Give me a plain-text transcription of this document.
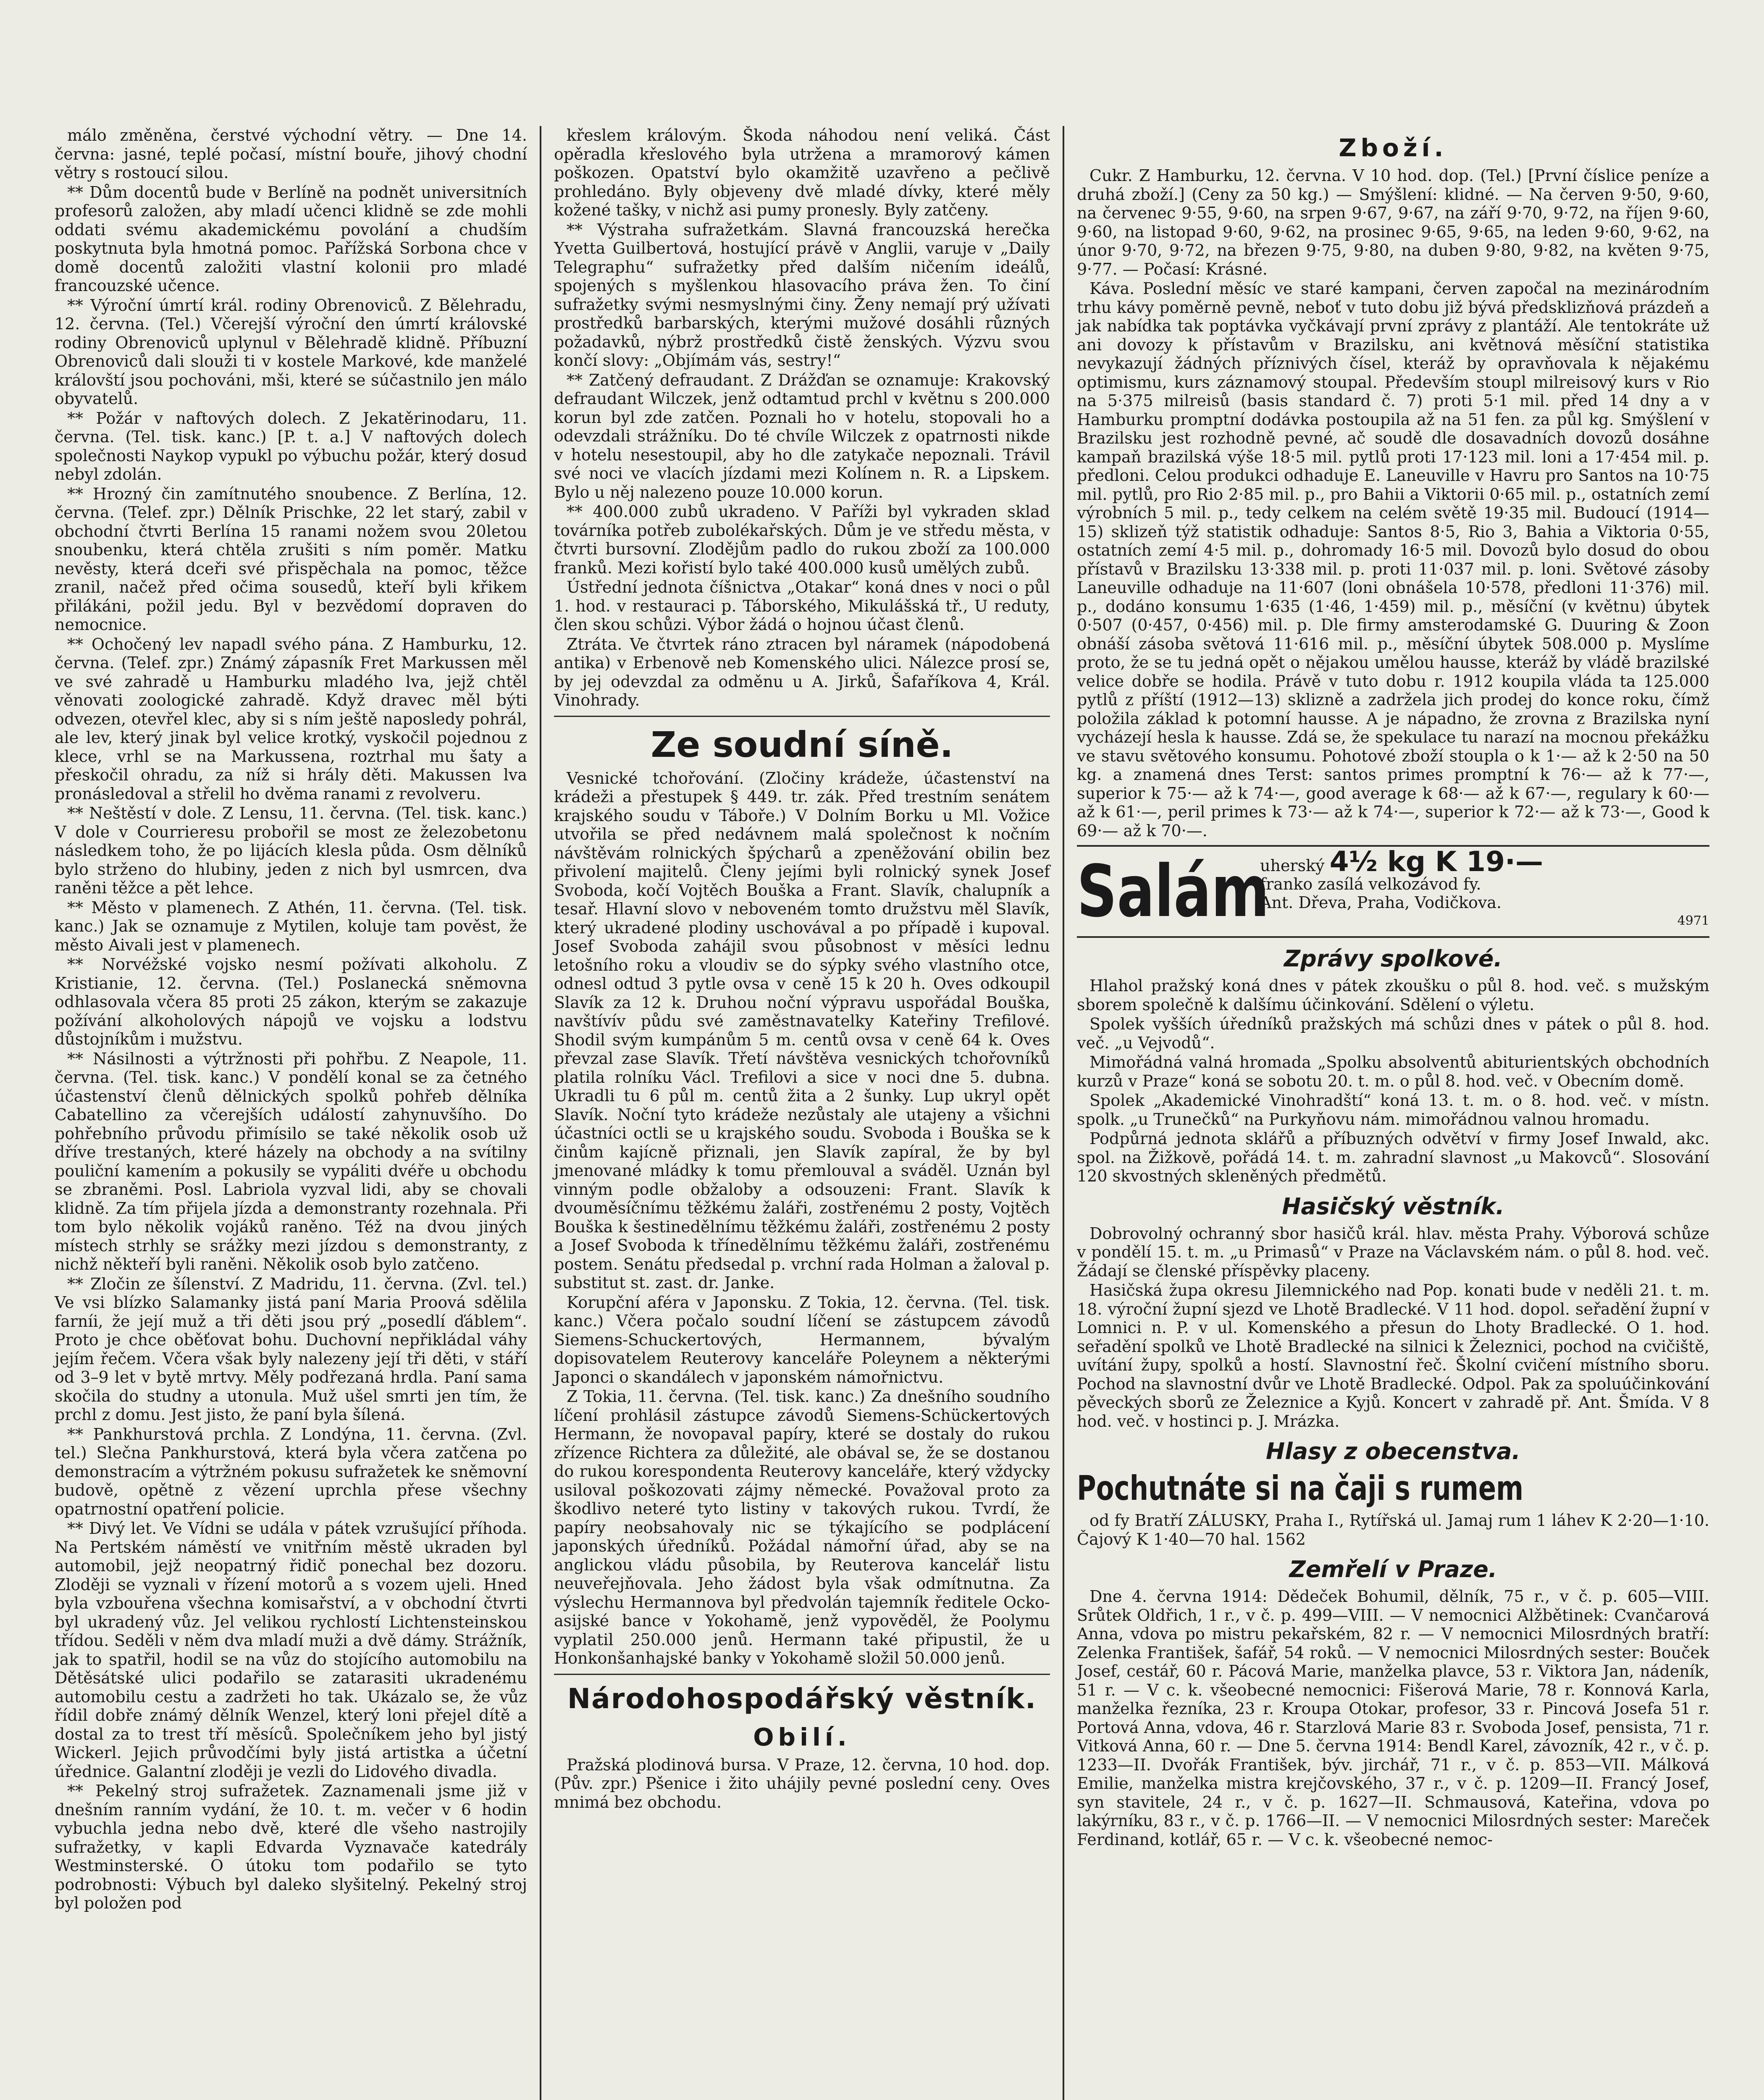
málo změněna, čerstvé východní větry. — Dne 14. června: jasné, teplé počasí, místní bouře, jihový chodní větry s rostoucí silou.

** Dům docentů bude v Berlíně na podnět universitních profesorů založen, aby mladí učenci klidně se zde mohli oddati svému akademickému povolání a chudším poskytnuta byla hmotná pomoc. Pařížská Sorbona chce v domě docentů založiti vlastní kolonii pro mladé francouzské učence.

** Výroční úmrtí král. rodiny Obrenoviců. Z Bělehradu, 12. června. (Tel.) Včerejší výroční den úmrtí královské rodiny Obrenoviců uplynul v Bělehradě klidně. Příbuzní Obrenoviců dali slouži ti v kostele Markové, kde manželé královští jsou pochováni, mši, které se súčastnilo jen málo obyvatelů.

** Požár v naftových dolech. Z Jekatěrinodaru, 11. června. (Tel. tisk. kanc.) [P. t. a.] V naftových dolech společnosti Naykop vypukl po výbuchu požár, který dosud nebyl zdolán.

** Hrozný čin zamítnutého snoubence. Z Berlína, 12. června. (Telef. zpr.) Dělník Prischke, 22 let starý, zabil v obchodní čtvrti Berlína 15 ranami nožem svou 20letou snoubenku, která chtěla zrušiti s ním poměr. Matku nevěsty, která dceři své přispěchala na pomoc, těžce zranil, načež před očima sousedů, kteří byli křikem přilákáni, požil jedu. Byl v bezvědomí dopraven do nemocnice.

** Ochočený lev napadl svého pána. Z Hamburku, 12. června. (Telef. zpr.) Známý zápasník Fret Markussen měl ve své zahradě u Hamburku mladého lva, jejž chtěl věnovati zoologické zahradě. Když dravec měl býti odvezen, otevřel klec, aby si s ním ještě naposledy pohrál, ale lev, který jinak byl velice krotký, vyskočil pojednou z klece, vrhl se na Markussena, roztrhal mu šaty a přeskočil ohradu, za níž si hrály děti. Makussen lva pronásledoval a střelil ho dvěma ranami z revolveru.

** Neštěstí v dole. Z Lensu, 11. června. (Tel. tisk. kanc.) V dole v Courrieresu probořil se most ze železobetonu následkem toho, že po lijácích klesla půda. Osm dělníků bylo strženo do hlubiny, jeden z nich byl usmrcen, dva raněni těžce a pět lehce.

** Město v plamenech. Z Athén, 11. června. (Tel. tisk. kanc.) Jak se oznamuje z Mytilen, koluje tam pověst, že město Aivali jest v plamenech.

** Norvéžské vojsko nesmí požívati alkoholu. Z Kristianie, 12. června. (Tel.) Poslanecká sněmovna odhlasovala včera 85 proti 25 zákon, kterým se zakazuje požívání alkoholových nápojů ve vojsku a lodstvu důstojníkům i mužstvu.

** Násilnosti a výtržnosti při pohřbu. Z Neapole, 11. června. (Tel. tisk. kanc.) V pondělí konal se za četného účastenství členů dělnických spolků pohřeb dělníka Cabatellino za včerejších událostí zahynuvšího. Do pohřebního průvodu přimísilo se také několik osob už dříve trestaných, které házely na obchody a na svítilny pouliční kamením a pokusily se vypáliti dvéře u obchodu se zbraněmi. Posl. Labriola vyzval lidi, aby se chovali klidně. Za tím přijela jízda a demonstranty rozehnala. Při tom bylo několik vojáků raněno. Též na dvou jiných místech strhly se srážky mezi jízdou s demonstranty, z nichž někteří byli raněni. Několik osob bylo zatčeno.

** Zločin ze šílenství. Z Madridu, 11. června. (Zvl. tel.) Ve vsi blízko Salamanky jistá paní Maria Proová sdělila farníi, že její muž a tři děti jsou prý „posedlí ďáblem“. Proto je chce oběťovat bohu. Duchovní nepřikládal váhy jejím řečem. Včera však byly nalezeny její tři děti, v stáří od 3–9 let v bytě mrtvy. Měly podřezaná hrdla. Paní sama skočila do studny a utonula. Muž ušel smrti jen tím, že prchl z domu. Jest jisto, že paní byla šílená.

** Pankhurstová prchla. Z Londýna, 11. června. (Zvl. tel.) Slečna Pankhurstová, která byla včera zatčena po demonstracím a výtržném pokusu sufražetek ke sněmovní budově, opětně z vězení uprchla přese všechny opatrnostní opatření policie.

** Divý let. Ve Vídni se udála v pátek vzrušující příhoda. Na Pertském náměstí ve vnitřním městě ukraden byl automobil, jejž neopatrný řidič ponechal bez dozoru. Zloději se vyznali v řízení motorů a s vozem ujeli. Hned byla vzbouřena všechna komisařství, a v obchodní čtvrti byl ukradený vůz. Jel velikou rychlostí Lichtensteinskou třídou. Seděli v něm dva mladí muži a dvě dámy. Strážník, jak to spatřil, hodil se na vůz do stojícího automobilu na Dětěsátské ulici podařilo se zatarasiti ukradenému automobilu cestu a zadržeti ho tak. Ukázalo se, že vůz řídil dobře známý dělník Wenzel, který loni přejel dítě a dostal za to trest tří měsíců. Společníkem jeho byl jistý Wickerl. Jejich průvodčími byly jistá artistka a účetní úřednice. Galantní zloději je vezli do Lidového divadla.

** Pekelný stroj sufražetek. Zaznamenali jsme již v dnešním ranním vydání, že 10. t. m. večer v 6 hodin vybuchla jedna nebo dvě, které dle všeho nastrojily sufražetky, v kapli Edvarda Vyznavače katedrály Westminsterské. O útoku tom podařilo se tyto podrobnosti: Výbuch byl daleko slyšitelný. Pekelný stroj byl položen pod

křeslem královým. Škoda náhodou není veliká. Část opěradla křeslového byla utržena a mramorový kámen poškozen. Opatství bylo okamžitě uzavřeno a pečlivě prohledáno. Byly objeveny dvě mladé dívky, které měly kožené tašky, v nichž asi pumy pronesly. Byly zatčeny.

** Výstraha sufražetkám. Slavná francouzská herečka Yvetta Guilbertová, hostující právě v Anglii, varuje v „Daily Telegraphu“ sufražetky před dalším ničením ideálů, spojených s myšlenkou hlasovacího práva žen. To činí sufražetky svými nesmyslnými činy. Ženy nemají prý užívati prostředků barbarských, kterými mužové dosáhli různých požadavků, nýbrž prostředků čistě ženských. Výzvu svou končí slovy: „Objímám vás, sestry!“

** Zatčený defraudant. Z Drážďan se oznamuje: Krakovský defraudant Wilczek, jenž odtamtud prchl v květnu s 200.000 korun byl zde zatčen. Poznali ho v hotelu, stopovali ho a odevzdali strážníku. Do té chvíle Wilczek z opatrnosti nikde v hotelu nesestoupil, aby ho dle zatykače nepoznali. Trávil své noci ve vlacích jízdami mezi Kolínem n. R. a Lipskem. Bylo u něj nalezeno pouze 10.000 korun.

** 400.000 zubů ukradeno. V Paříži byl vykraden sklad továrníka potřeb zubolékařských. Dům je ve středu města, v čtvrti bursovní. Zlodějům padlo do rukou zboží za 100.000 franků. Mezi kořistí bylo také 400.000 kusů umělých zubů.

Ústřední jednota číšnictva „Otakar“ koná dnes v noci o půl 1. hod. v restauraci p. Táborského, Mikulášská tř., U reduty, člen skou schůzi. Výbor žádá o hojnou účast členů.

Ztráta. Ve čtvrtek ráno ztracen byl náramek (nápodobená antika) v Erbenově neb Komenského ulici. Nálezce prosí se, by jej odevzdal za odměnu u A. Jirků, Šafaříkova 4, Král. Vinohrady.

Ze soudní síně.

Vesnické tchořování. (Zločiny krádeže, účastenství na krádeži a přestupek § 449. tr. zák. Před trestním senátem krajského soudu v Táboře.) V Dolním Borku u Ml. Vožice utvořila se před nedávnem malá společnost k nočním návštěvám rolnických špýcharů a zpeněžování obilin bez přivolení majitelů. Členy jejími byli rolnický synek Josef Svoboda, kočí Vojtěch Bouška a Frant. Slavík, chalupník a tesař. Hlavní slovo v neboveném tomto družstvu měl Slavík, který ukradené plodiny uschovával a po případě i kupoval. Josef Svoboda zahájil svou působnost v měsíci lednu letošního roku a vloudiv se do sýpky svého vlastního otce, odnesl odtud 3 pytle ovsa v ceně 15 k 20 h. Oves odkoupil Slavík za 12 k. Druhou noční výpravu uspořádal Bouška, navštívív půdu své zaměstnavatelky Kateřiny Trefilové. Shodil svým kumpánům 5 m. centů ovsa v ceně 64 k. Oves převzal zase Slavík. Třetí návštěva vesnických tchořovníků platila rolníku Václ. Trefilovi a sice v noci dne 5. dubna. Ukradli tu 6 půl m. centů žita a 2 šunky. Lup ukryl opět Slavík. Noční tyto krádeže nezůstaly ale utajeny a všichni účastníci octli se u krajského soudu. Svoboda i Bouška se k činům kajícně přiznali, jen Slavík zapíral, že by byl jmenované mládky k tomu přemlouval a sváděl. Uznán byl vinným podle obžaloby a odsouzeni: Frant. Slavík k dvouměsíčnímu těžkému žaláři, zostřenému 2 posty, Vojtěch Bouška k šestinedělnímu těžkému žaláři, zostřenému 2 posty a Josef Svoboda k třínedělnímu těžkému žaláři, zostřenému postem. Senátu předsedal p. vrchní rada Holman a žaloval p. substitut st. zast. dr. Janke.

Korupční aféra v Japonsku. Z Tokia, 12. června. (Tel. tisk. kanc.) Včera počalo soudní líčení se zástupcem závodů Siemens-Schuckertových, Hermannem, bývalým dopisovatelem Reuterovy kanceláře Poleynem a některými Japonci o skandálech v japonském námořnictvu.

Z Tokia, 11. června. (Tel. tisk. kanc.) Za dnešního soudního líčení prohlásil zástupce závodů Siemens-Schückertových Hermann, že novopaval papíry, které se dostaly do rukou zřízence Richtera za důležité, ale obával se, že se dostanou do rukou korespondenta Reuterovy kanceláře, který vždycky usiloval poškozovati zájmy německé. Považoval proto za škodlivo neteré tyto listiny v takových rukou. Tvrdí, že papíry neobsahovaly nic se týkajícího se podplácení japonských úředníků. Požádal námořní úřad, aby se na anglickou vládu působila, by Reuterova kancelář listu neuveřejňovala. Jeho žádost byla však odmítnutna. Za výslechu Hermannova byl předvolán tajemník ředitele Ocko-asijské bance v Yokohamě, jenž vypověděl, že Poolymu vyplatil 250.000 jenů. Hermann také připustil, že u Honkonšanhajské banky v Yokohamě složil 50.000 jenů.

Národohospodářský věstník.
Obilí.

Pražská plodinová bursa. V Praze, 12. června, 10 hod. dop. (Pův. zpr.) Pšenice i žito uhájily pevné poslední ceny. Oves mnimá bez obchodu.

Zboží.

Cukr. Z Hamburku, 12. června. V 10 hod. dop. (Tel.) [První číslice peníze a druhá zboží.] (Ceny za 50 kg.) — Smýšlení: klidné. — Na červen 9·50, 9·60, na červenec 9·55, 9·60, na srpen 9·67, 9·67, na září 9·70, 9·72, na říjen 9·60, 9·60, na listopad 9·60, 9·62, na prosinec 9·65, 9·65, na leden 9·60, 9·62, na únor 9·70, 9·72, na březen 9·75, 9·80, na duben 9·80, 9·82, na květen 9·75, 9·77. — Počasí: Krásné.

Káva. Poslední měsíc ve staré kampani, červen započal na mezinárodním trhu kávy poměrně pevně, neboť v tuto dobu již bývá předsklizňová prázdeň a jak nabídka tak poptávka vyčkávají první zprávy z plantáží. Ale tentokráte už ani dovozy k přístavům v Brazilsku, ani květnová měsíční statistika nevykazují žádných příznivých čísel, kteráž by opravňovala k nějakému optimismu, kurs záznamový stoupal. Především stoupl milreisový kurs v Rio na 5·375 milreisů (basis standard č. 7) proti 5·1 mil. před 14 dny a v Hamburku promptní dodávka postoupila až na 51 fen. za půl kg. Smýšlení v Brazilsku jest rozhodně pevné, ač soudě dle dosavadních dovozů dosáhne kampaň brazilská výše 18·5 mil. pytlů proti 17·123 mil. loni a 17·454 mil. p. předloni. Celou produkci odhaduje E. Laneuville v Havru pro Santos na 10·75 mil. pytlů, pro Rio 2·85 mil. p., pro Bahii a Viktorii 0·65 mil. p., ostatních zemí výrobních 5 mil. p., tedy celkem na celém světě 19·35 mil. Budoucí (1914—15) sklizeň týž statistik odhaduje: Santos 8·5, Rio 3, Bahia a Viktoria 0·55, ostatních zemí 4·5 mil. p., dohromady 16·5 mil. Dovozů bylo dosud do obou přístavů v Brazilsku 13·338 mil. p. proti 11·037 mil. p. loni. Světové zásoby Laneuville odhaduje na 11·607 (loni obnášela 10·578, předloni 11·376) mil. p., dodáno konsumu 1·635 (1·46, 1·459) mil. p., měsíční (v květnu) úbytek 0·507 (0·457, 0·456) mil. p. Dle firmy amsterodamské G. Duuring & Zoon obnáší zásoba světová 11·616 mil. p., měsíční úbytek 508.000 p. Myslíme proto, že se tu jedná opět o nějakou umělou hausse, kteráž by vládě brazilské velice dobře se hodila. Právě v tuto dobu r. 1912 koupila vláda ta 125.000 pytlů z příští (1912—13) sklizně a zadržela jich prodej do konce roku, čímž položila základ k potomní hausse. A je nápadno, že zrovna z Brazilska nyní vycházejí hesla k hausse. Zdá se, že spekulace tu narazí na mocnou překážku ve stavu světového konsumu. Pohotové zboží stoupla o k 1·— až k 2·50 na 50 kg. a znamená dnes Terst: santos primes promptní k 76·— až k 77·—, superior k 75·— až k 74·—, good average k 68·— až k 67·—, regulary k 60·— až k 61·—, peril primes k 73·— až k 74·—, superior k 72·— až k 73·—, Good k 69·— až k 70·—.

Salám
uherský 4½ kg K 19·—
franko zasílá velkozávod fy.
Ant. Dřeva, Praha, Vodičkova.
4971
Zprávy spolkové.

Hlahol pražský koná dnes v pátek zkoušku o půl 8. hod. več. s mužským sborem společně k dalšímu účinkování. Sdělení o výletu.

Spolek vyšších úředníků pražských má schůzi dnes v pátek o půl 8. hod. več. „u Vejvodů“.

Mimořádná valná hromada „Spolku absolventů abiturientských obchodních kurzů v Praze“ koná se sobotu 20. t. m. o půl 8. hod. več. v Obecním domě.

Spolek „Akademické Vinohradští“ koná 13. t. m. o 8. hod. več. v místn. spolk. „u Trunečků“ na Purkyňovu nám. mimořádnou valnou hromadu.

Podpůrná jednota sklářů a příbuzných odvětví v firmy Josef Inwald, akc. spol. na Žižkově, pořádá 14. t. m. zahradní slavnost „u Makovců“. Slosování 120 skvostných skleněných předmětů.

Hasičský věstník.

Dobrovolný ochranný sbor hasičů král. hlav. města Prahy. Výborová schůze v pondělí 15. t. m. „u Primasů“ v Praze na Václavském nám. o půl 8. hod. več. Žádají se členské příspěvky placeny.

Hasičská župa okresu Jilemnického nad Pop. konati bude v neděli 21. t. m. 18. výroční župní sjezd ve Lhotě Bradlecké. V 11 hod. dopol. seřadění župní v Lomnici n. P. v ul. Komenského a přesun do Lhoty Bradlecké. O 1. hod. seřadění spolků ve Lhotě Bradlecké na silnici k Železnici, pochod na cvičiště, uvítání župy, spolků a hostí. Slavnostní řeč. Školní cvičení místního sboru. Pochod na slavnostní dvůr ve Lhotě Bradlecké. Odpol. Pak za spoluúčinkování pěveckých sborů ze Železnice a Kyjů. Koncert v zahradě př. Ant. Šmída. V 8 hod. več. v hostinci p. J. Mrázka.

Hlasy z obecenstva.
Pochutnáte si na čaji s rumem

od fy Bratří ZÁLUSKY, Praha I., Rytířská ul. Jamaj rum 1 láhev K 2·20—1·10. Čajový K 1·40—70 hal. 1562

Zemřelí v Praze.

Dne 4. června 1914: Dědeček Bohumil, dělník, 75 r., v č. p. 605—VIII. Srůtek Oldřich, 1 r., v č. p. 499—VIII. — V nemocnici Alžbětinek: Cvančarová Anna, vdova po mistru pekařském, 82 r. — V nemocnici Milosrdných bratří: Zelenka František, šafář, 54 roků. — V nemocnici Milosrdných sester: Bouček Josef, cestář, 60 r. Pácová Marie, manželka plavce, 53 r. Viktora Jan, nádeník, 51 r. — V c. k. všeobecné nemocnici: Fišerová Marie, 78 r. Konnová Karla, manželka řezníka, 23 r. Kroupa Otokar, profesor, 33 r. Pincová Josefa 51 r. Portová Anna, vdova, 46 r. Starzlová Marie 83 r. Svoboda Josef, pensista, 71 r. Vitková Anna, 60 r. — Dne 5. června 1914: Bendl Karel, závozník, 42 r., v č. p. 1233—II. Dvořák František, býv. jirchář, 71 r., v č. p. 853—VII. Málková Emilie, manželka mistra krejčovského, 37 r., v č. p. 1209—II. Francý Josef, syn stavitele, 24 r., v č. p. 1627—II. Schmausová, Kateřina, vdova po lakýrníku, 83 r., v č. p. 1766—II. — V nemocnici Milosrdných sester: Mareček Ferdinand, kotlář, 65 r. — V c. k. všeobecné nemoc-
